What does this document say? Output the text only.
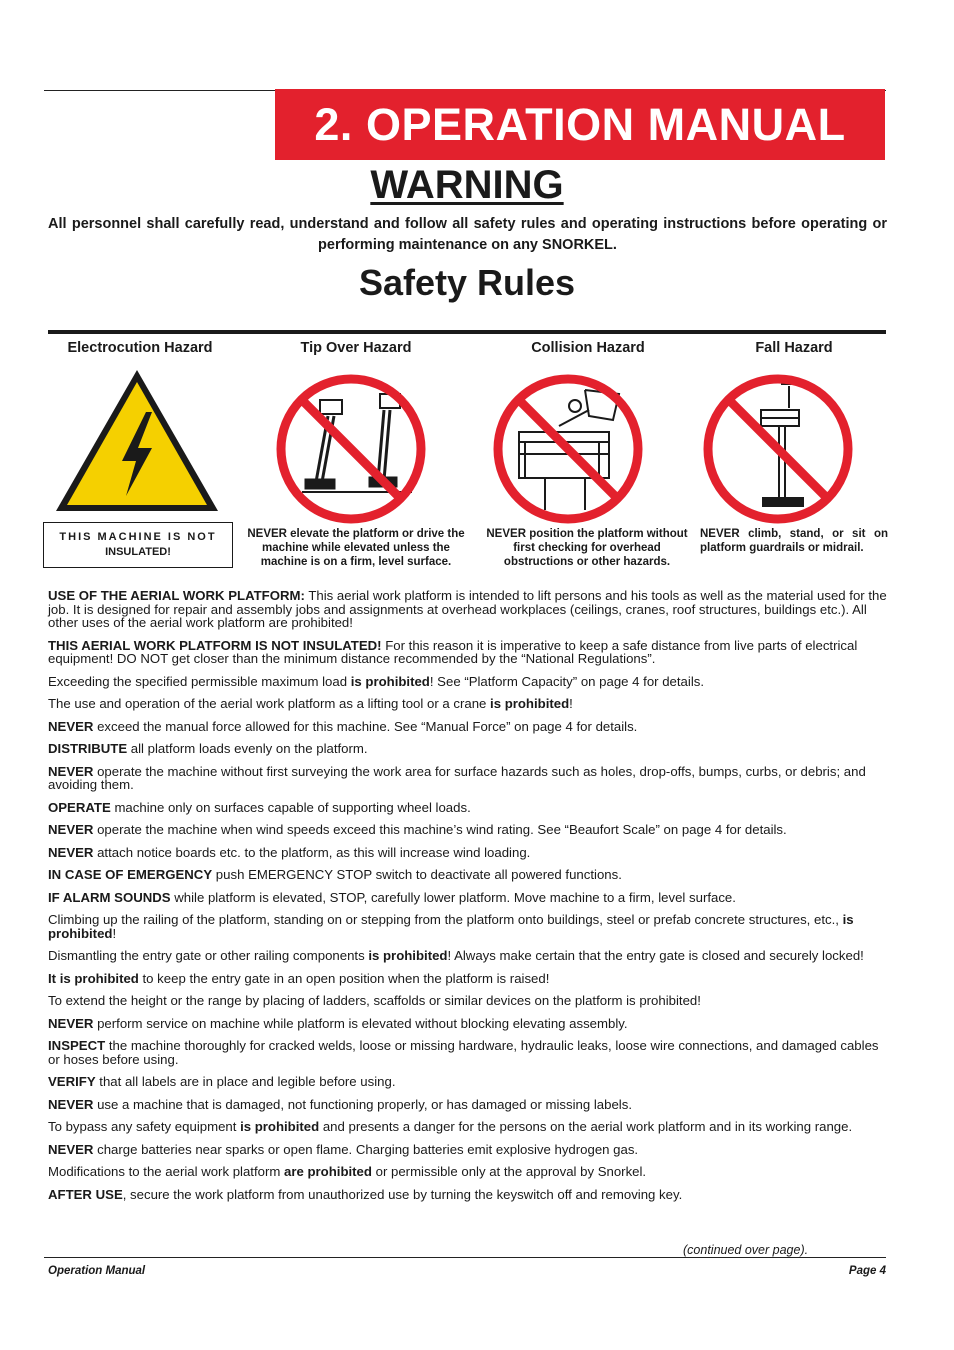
2. OPERATION MANUAL
WARNING
All personnel shall carefully read, understand and follow all safety rules and operating instructions before operating or performing maintenance on any SNORKEL.
Safety Rules
Electrocution Hazard	Tip Over Hazard	Collision Hazard	Fall Hazard
THIS MACHINE IS NOT
INSULATED!
NEVER elevate the platform or drive the machine while elevated unless the machine is on a firm, level surface.
NEVER position the platform without first checking for overhead obstructions or other hazards.
NEVER climb, stand, or sit on platform guardrails or midrail.

USE OF THE AERIAL WORK PLATFORM: This aerial work platform is intended to lift persons and his tools as well as the material used for the job. It is designed for repair and assembly jobs and assignments at overhead workplaces (ceilings, cranes, roof structures, buildings etc.). All other uses of the aerial work platform are prohibited!

THIS AERIAL WORK PLATFORM IS NOT INSULATED! For this reason it is imperative to keep a safe distance from live parts of electrical equipment! DO NOT get closer than the minimum distance recommended by the “National Regulations”.

Exceeding the specified permissible maximum load is prohibited! See “Platform Capacity” on page 4 for details.

The use and operation of the aerial work platform as a lifting tool or a crane is prohibited!

NEVER exceed the manual force allowed for this machine. See “Manual Force” on page 4 for details.

DISTRIBUTE all platform loads evenly on the platform.

NEVER operate the machine without first surveying the work area for surface hazards such as holes, drop-offs, bumps, curbs, or debris; and avoiding them.

OPERATE machine only on surfaces capable of supporting wheel loads.

NEVER operate the machine when wind speeds exceed this machine’s wind rating. See “Beaufort Scale” on page 4 for details.

NEVER attach notice boards etc. to the platform, as this will increase wind loading.

IN CASE OF EMERGENCY push EMERGENCY STOP switch to deactivate all powered functions.

IF ALARM SOUNDS while platform is elevated, STOP, carefully lower platform. Move machine to a firm, level surface.

Climbing up the railing of the platform, standing on or stepping from the platform onto buildings, steel or prefab concrete structures, etc., is prohibited!

Dismantling the entry gate or other railing components is prohibited! Always make certain that the entry gate is closed and securely locked!

It is prohibited to keep the entry gate in an open position when the platform is raised!

To extend the height or the range by placing of ladders, scaffolds or similar devices on the platform is prohibited!

NEVER perform service on machine while platform is elevated without blocking elevating assembly.

INSPECT the machine thoroughly for cracked welds, loose or missing hardware, hydraulic leaks, loose wire connections, and damaged cables or hoses before using.

VERIFY that all labels are in place and legible before using.

NEVER use a machine that is damaged, not functioning properly, or has damaged or missing labels.

To bypass any safety equipment is prohibited and presents a danger for the persons on the aerial work platform and in its working range.

NEVER charge batteries near sparks or open flame. Charging batteries emit explosive hydrogen gas.

Modifications to the aerial work platform are prohibited or permissible only at the approval by Snorkel.

AFTER USE, secure the work platform from unauthorized use by turning the keyswitch off and removing key.

(continued over page).
Operation Manual	Page 4
